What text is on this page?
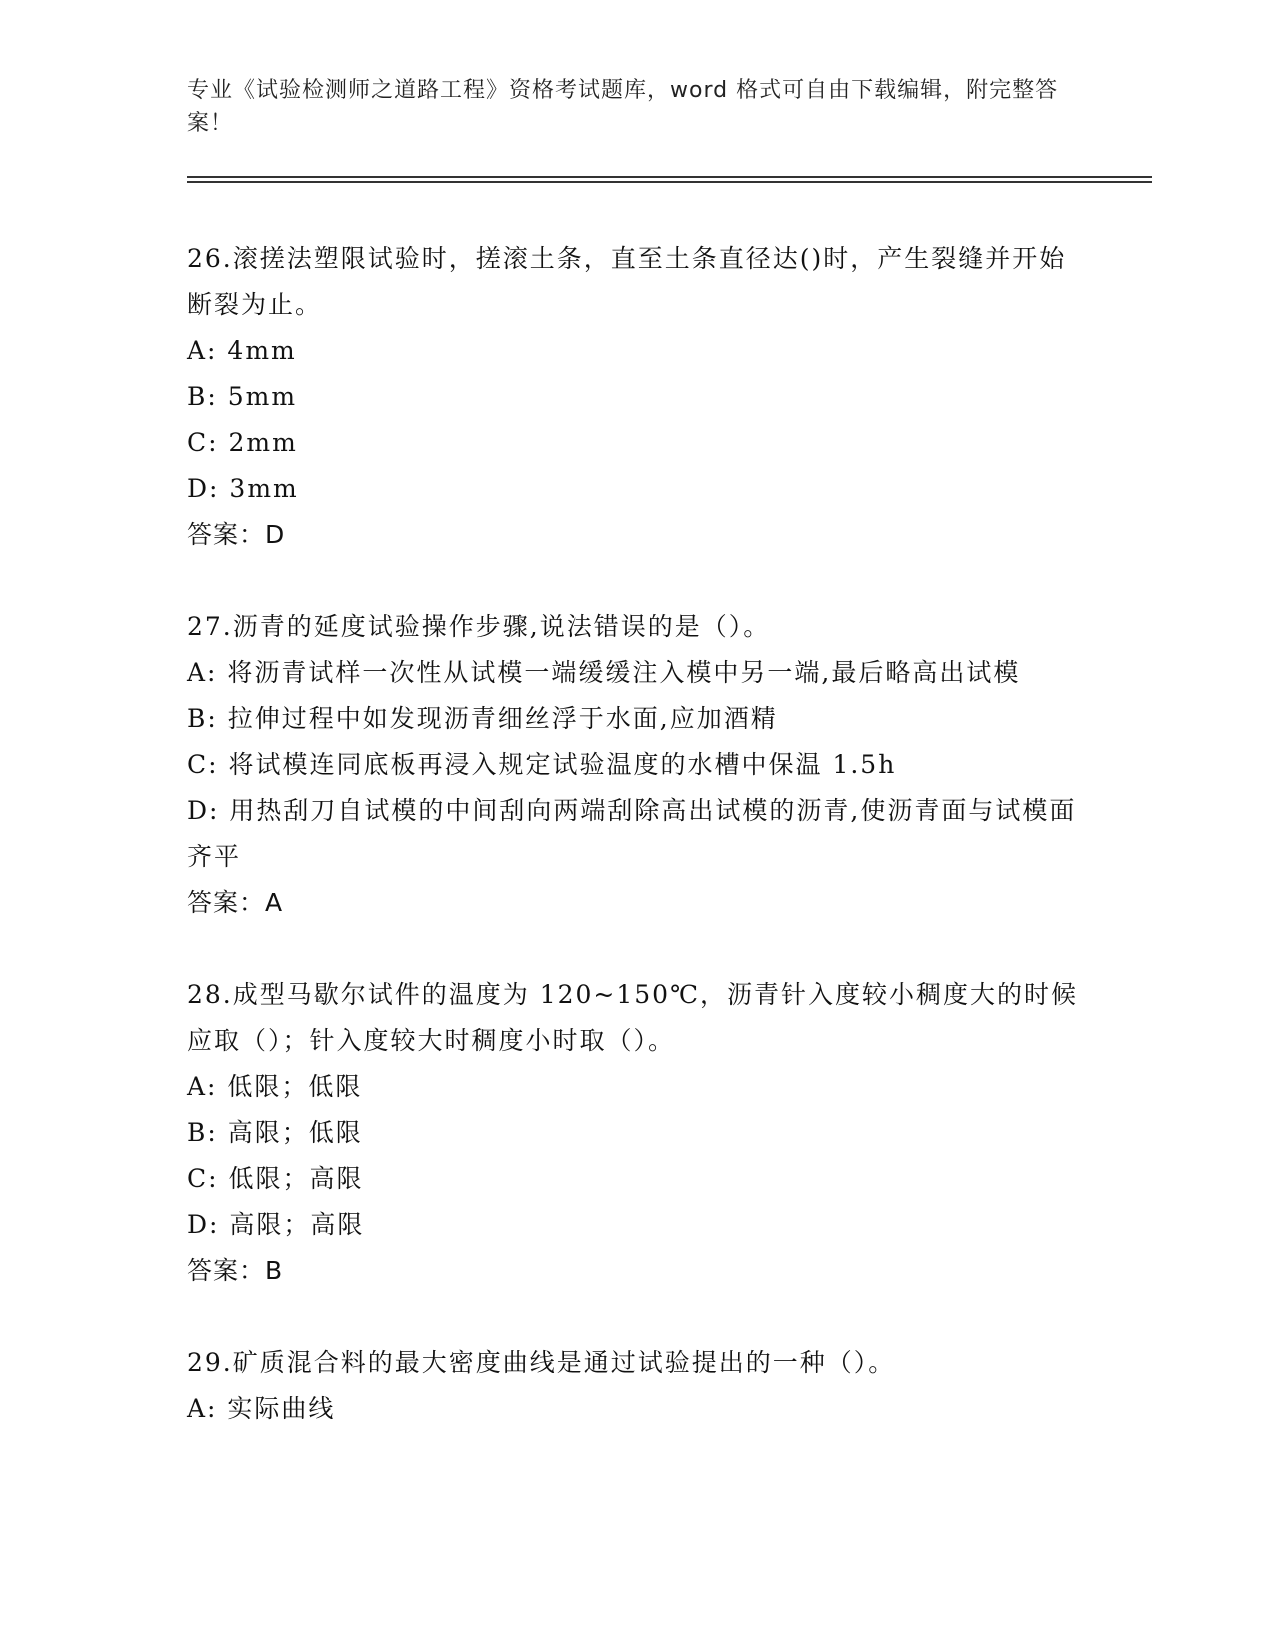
专业《试验检测师之道路工程》资格考试题库，word 格式可自由下载编辑，附完整答案！
26.滚搓法塑限试验时，搓滚土条，直至土条直径达()时，产生裂缝并开始断裂为止。
A: 4mm
B: 5mm
C: 2mm
D: 3mm
答案：D
27.沥青的延度试验操作步骤,说法错误的是（）。
A: 将沥青试样一次性从试模一端缓缓注入模中另一端,最后略高出试模
B: 拉伸过程中如发现沥青细丝浮于水面,应加酒精
C: 将试模连同底板再浸入规定试验温度的水槽中保温 1.5h
D: 用热刮刀自试模的中间刮向两端刮除高出试模的沥青,使沥青面与试模面齐平
答案：A
28.成型马歇尔试件的温度为 120~150℃，沥青针入度较小稠度大的时候应取（）；针入度较大时稠度小时取（）。
A: 低限；低限
B: 高限；低限
C: 低限；高限
D: 高限；高限
答案：B
29.矿质混合料的最大密度曲线是通过试验提出的一种（）。
A: 实际曲线
